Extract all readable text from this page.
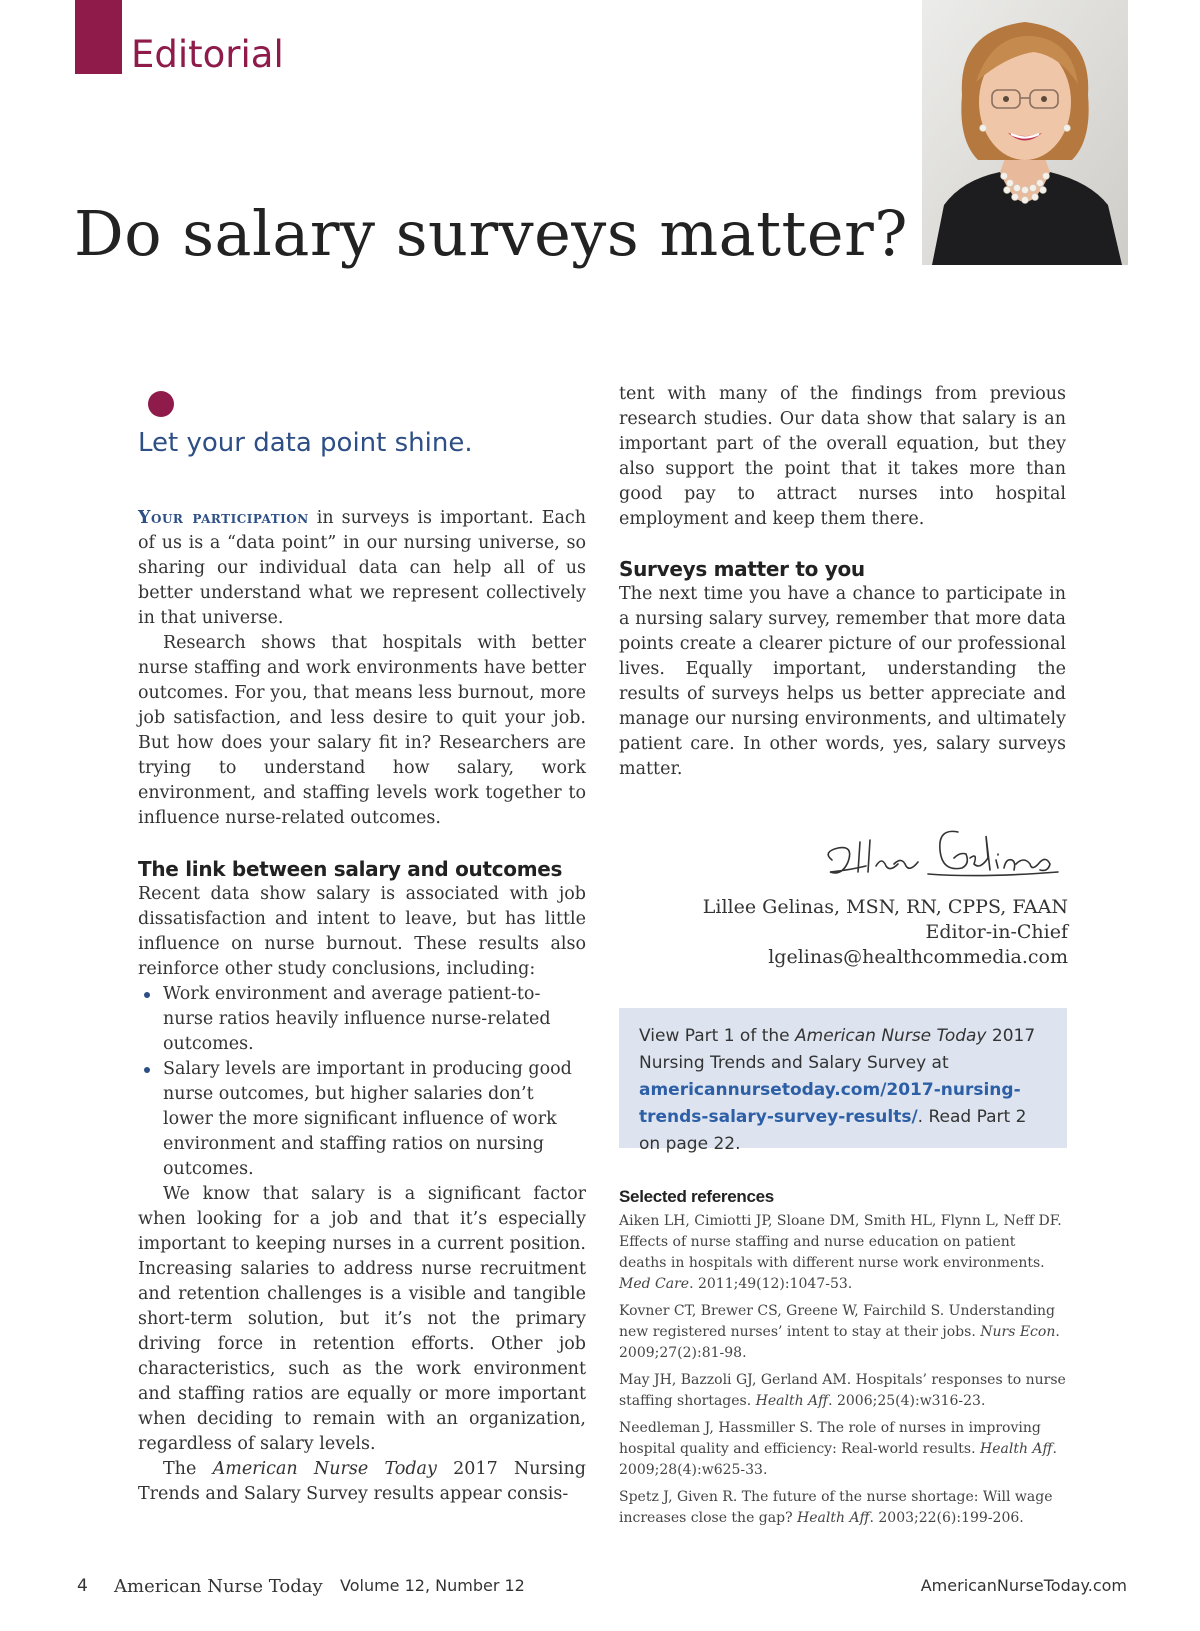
Editorial
Do salary surveys matter?
Let your data point shine.

Your participation in surveys is important. Each of us is a “data point” in our nursing universe, so sharing our individual data can help all of us better understand what we represent collectively in that universe.

Research shows that hospitals with better nurse staffing and work environments have better outcomes. For you, that means less burnout, more job satisfaction, and less desire to quit your job. But how does your salary fit in? Researchers are trying to understand how salary, work environment, and staffing levels work together to influence nurse-related outcomes.

The link between salary and outcomes

Recent data show salary is associated with job dissatisfaction and intent to leave, but has little influence on nurse burnout. These results also reinforce other study conclusions, including:

Work environment and average patient-to-nurse ratios heavily influence nurse-related outcomes.
Salary levels are important in producing good nurse outcomes, but higher salaries don’t lower the more significant influence of work environment and staffing ratios on nursing outcomes.

We know that salary is a significant factor when looking for a job and that it’s especially important to keeping nurses in a current position. Increasing salaries to address nurse recruitment and retention challenges is a visible and tangible short-term solution, but it’s not the primary driving force in retention efforts. Other job characteristics, such as the work environment and staffing ratios are equally or more important when deciding to remain with an organization, regardless of salary levels.

The American Nurse Today 2017 Nursing Trends and Salary Survey results appear consis-

tent with many of the findings from previous research studies. Our data show that salary is an important part of the overall equation, but they also support the point that it takes more than good pay to attract nurses into hospital employment and keep them there.

Surveys matter to you

The next time you have a chance to participate in a nursing salary survey, remember that more data points create a clearer picture of our professional lives. Equally important, understanding the results of surveys helps us better appreciate and manage our nursing environments, and ultimately patient care. In other words, yes, salary surveys matter.

Lillee Gelinas, MSN, RN, CPPS, FAAN
Editor-in-Chief
lgelinas@healthcommedia.com
View Part 1 of the American Nurse Today 2017 Nursing Trends and Salary Survey at americannursetoday.com/2017-nursing-trends-salary-survey-results/. Read Part 2 on page 22.
Selected references
Aiken LH, Cimiotti JP, Sloane DM, Smith HL, Flynn L, Neff DF. Effects of nurse staffing and nurse education on patient deaths in hospitals with different nurse work environments. Med Care. 2011;49(12):1047-53.
Kovner CT, Brewer CS, Greene W, Fairchild S. Understanding new registered nurses’ intent to stay at their jobs. Nurs Econ. 2009;27(2):81-98.
May JH, Bazzoli GJ, Gerland AM. Hospitals’ responses to nurse staffing shortages. Health Aff. 2006;25(4):w316-23.
Needleman J, Hassmiller S. The role of nurses in improving hospital quality and efficiency: Real-world results. Health Aff. 2009;28(4):w625-33.
Spetz J, Given R. The future of the nurse shortage: Will wage increases close the gap? Health Aff. 2003;22(6):199-206.
4 American Nurse Today Volume 12, Number 12	AmericanNurseToday.com
